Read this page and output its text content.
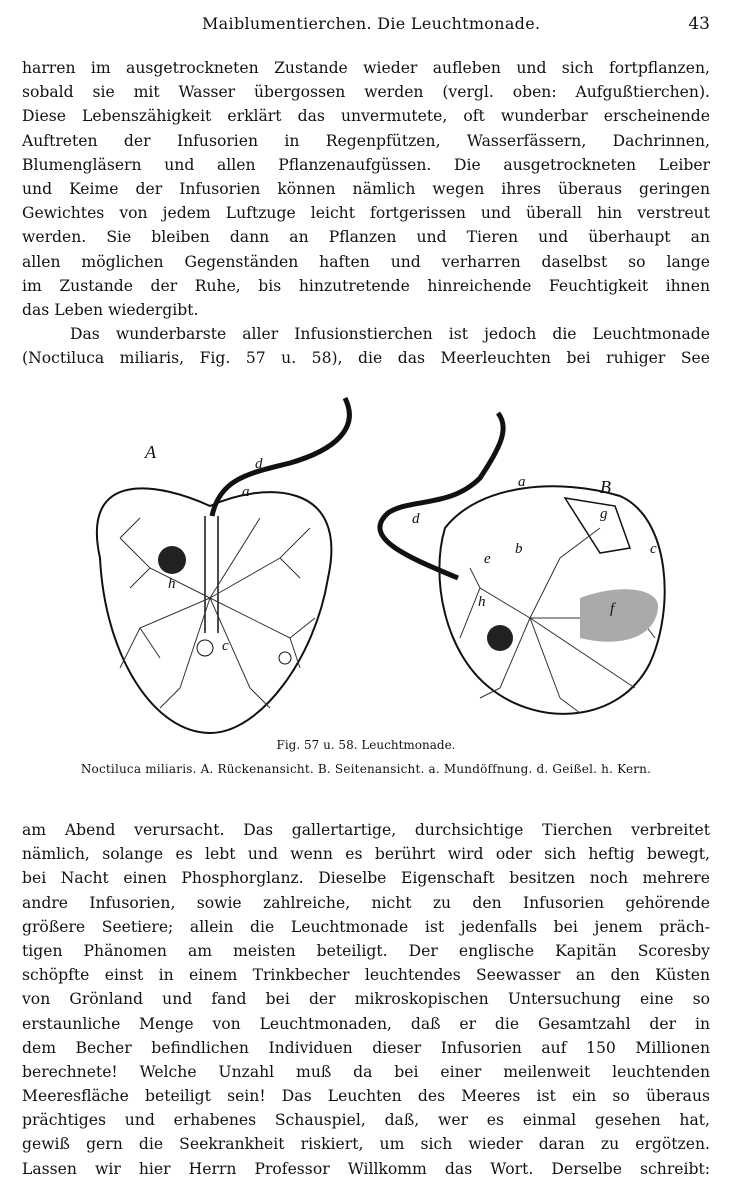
Maiblumentierchen. Die Leuchtmonade.	43
harren im ausgetrockneten Zustande wieder aufleben und sich fortpflanzen,
sobald sie mit Wasser übergossen werden (vergl. oben: Aufgußtierchen).
Diese Lebenszähigkeit erklärt das unvermutete, oft wunderbar erscheinende
Auftreten der Infusorien in Regenpfützen, Wasserfässern, Dachrinnen,
Blumengläsern und allen Pflanzenaufgüssen. Die ausgetrockneten Leiber
und Keime der Infusorien können nämlich wegen ihres überaus geringen
Gewichtes von jedem Luftzuge leicht fortgerissen und überall hin verstreut
werden. Sie bleiben dann an Pflanzen und Tieren und überhaupt an
allen möglichen Gegenständen haften und verharren daselbst so lange
im Zustande der Ruhe, bis hinzutretende hinreichende Feuchtigkeit ihnen
das Leben wiedergibt.
Das wunderbarste aller Infusionstierchen ist jedoch die Leuchtmonade
(Noctiluca miliaris, Fig. 57 u. 58), die das Meerleuchten bei ruhiger See
A
B
a
d
h
c
a
d
b
e
g
c
f
h
Fig. 57 u. 58. Leuchtmonade.
Noctiluca miliaris. A. Rückenansicht. B. Seitenansicht. a. Mundöffnung. d. Geißel. h. Kern.
am Abend verursacht. Das gallertartige, durchsichtige Tierchen verbreitet
nämlich, solange es lebt und wenn es berührt wird oder sich heftig bewegt,
bei Nacht einen Phosphorglanz. Dieselbe Eigenschaft besitzen noch mehrere
andre Infusorien, sowie zahlreiche, nicht zu den Infusorien gehörende
größere Seetiere; allein die Leuchtmonade ist jedenfalls bei jenem präch-
tigen Phänomen am meisten beteiligt. Der englische Kapitän Scoresby
schöpfte einst in einem Trinkbecher leuchtendes Seewasser an den Küsten
von Grönland und fand bei der mikroskopischen Untersuchung eine so
erstaunliche Menge von Leuchtmonaden, daß er die Gesamtzahl der in
dem Becher befindlichen Individuen dieser Infusorien auf 150 Millionen
berechnete! Welche Unzahl muß da bei einer meilenweit leuchtenden
Meeresfläche beteiligt sein! Das Leuchten des Meeres ist ein so überaus
prächtiges und erhabenes Schauspiel, daß, wer es einmal gesehen hat,
gewiß gern die Seekrankheit riskiert, um sich wieder daran zu ergötzen.
Lassen wir hier Herrn Professor Willkomm das Wort. Derselbe schreibt:
